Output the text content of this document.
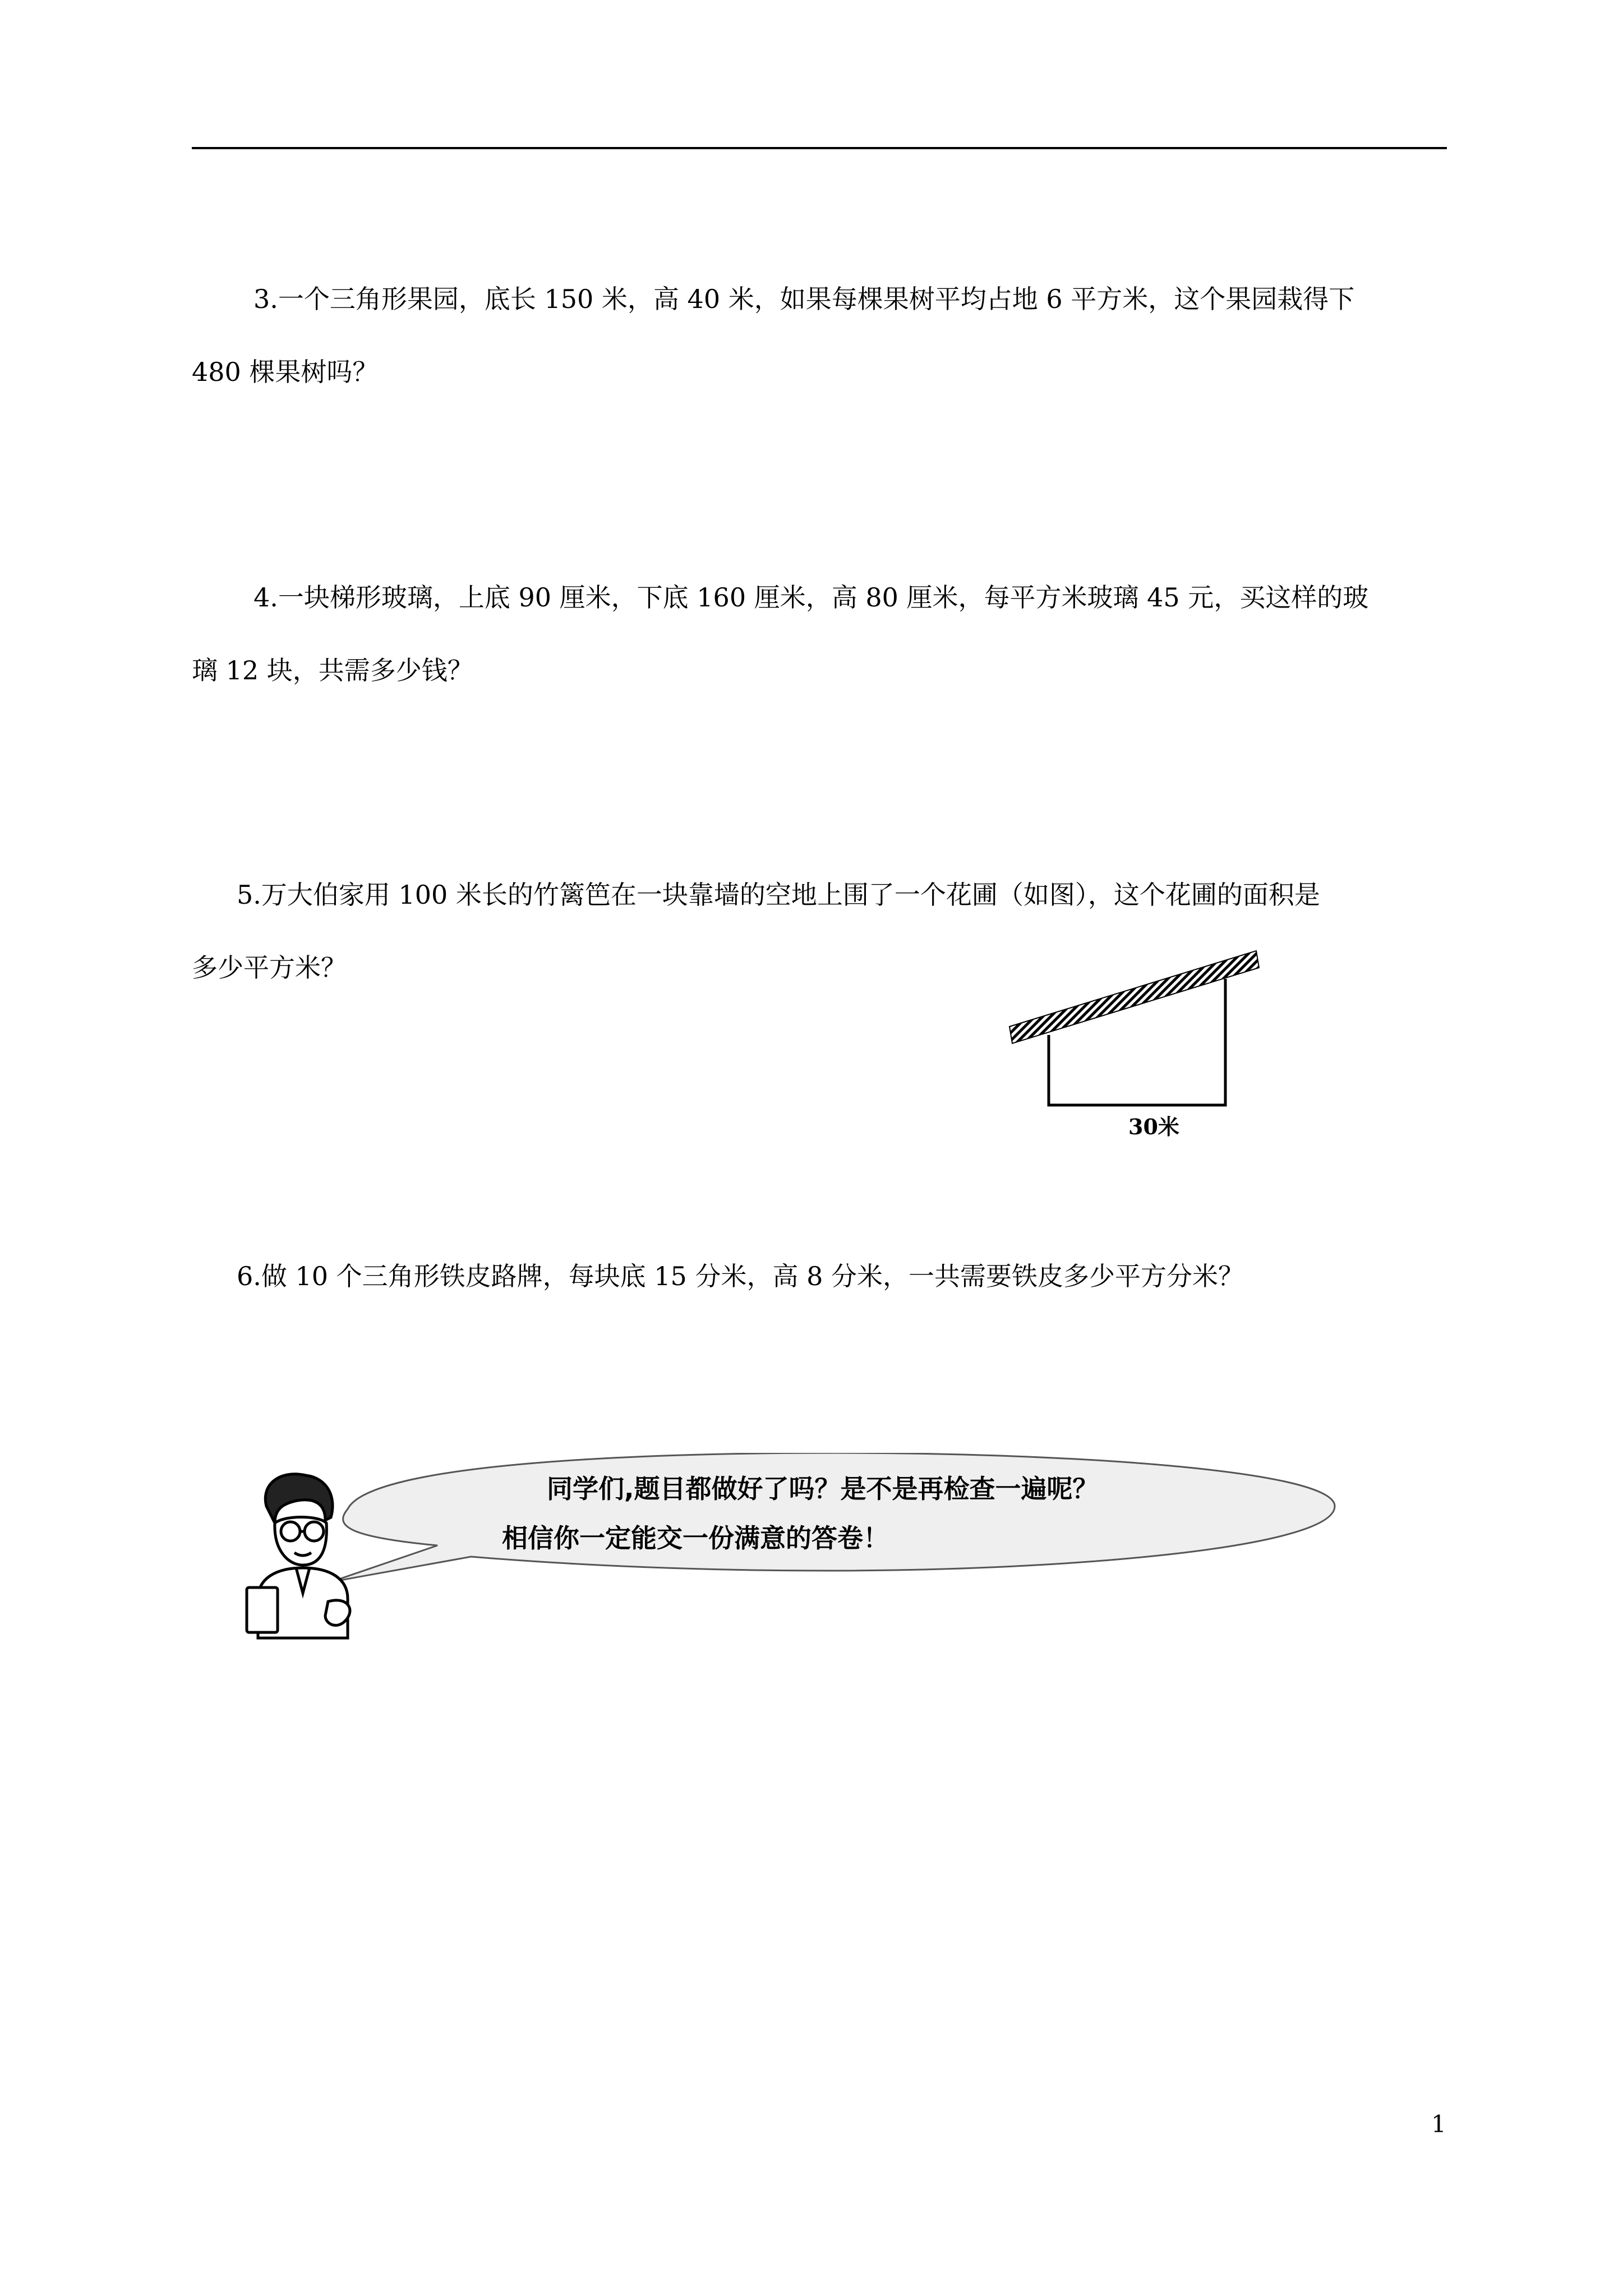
3.一个三角形果园，底长 150 米，高 40 米，如果每棵果树平均占地 6 平方米，这个果园栽得下
480 棵果树吗？
4.一块梯形玻璃，上底 90 厘米，下底 160 厘米，高 80 厘米，每平方米玻璃 45 元，买这样的玻
璃 12 块，共需多少钱？
5.万大伯家用 100 米长的竹篱笆在一块靠墙的空地上围了一个花圃（如图），这个花圃的面积是
多少平方米？
30米
6.做 10 个三角形铁皮路牌，每块底 15 分米，高 8 分米，一共需要铁皮多少平方分米？
同学们,题目都做好了吗？是不是再检查一遍呢？
相信你一定能交一份满意的答卷！
1
